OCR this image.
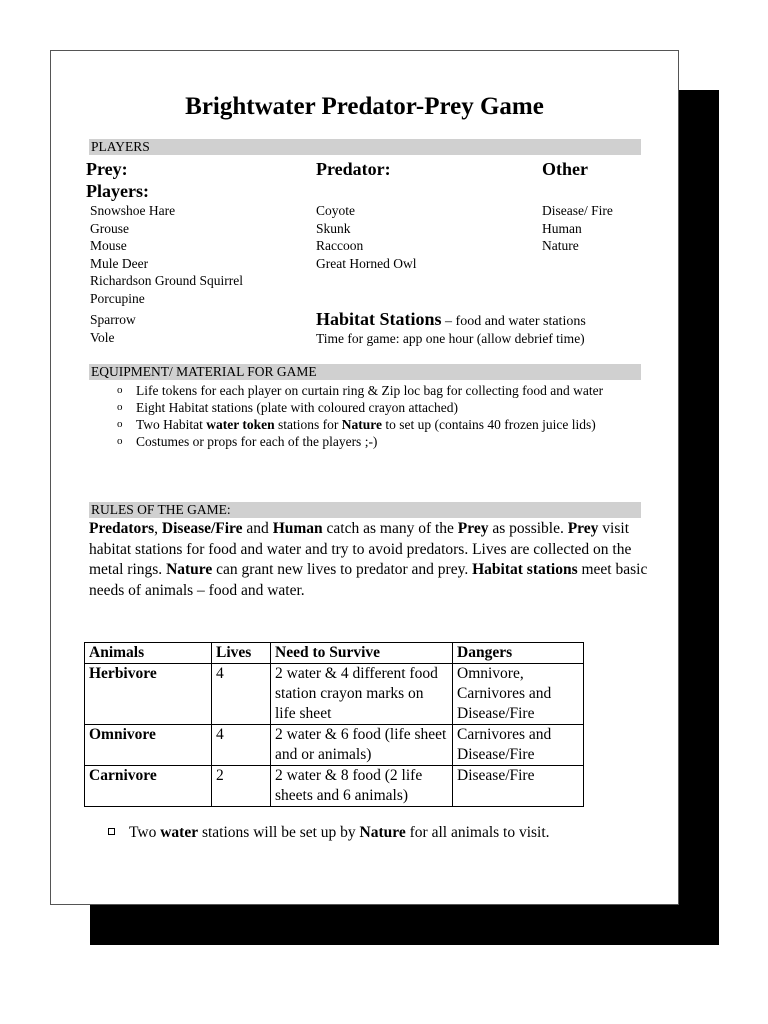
Brightwater Predator-Prey Game
PLAYERS
Prey:
Players:
Snowshoe Hare
Grouse
Mouse
Mule Deer
Richardson Ground Squirrel
Porcupine
Sparrow
Vole
Predator:
Coyote
Skunk
Raccoon
Great Horned Owl
Other
Disease/ Fire
Human
Nature
Habitat Stations – food and water stations
Time for game: app one hour (allow debrief time)
EQUIPMENT/ MATERIAL FOR GAME
o Life tokens for each player on curtain ring & Zip loc bag for collecting food and water
o Eight Habitat stations (plate with coloured crayon attached)
o Two Habitat water token stations for Nature to set up (contains 40 frozen juice lids)
o Costumes or props for each of the players ;-)
RULES OF THE GAME:
Predators, Disease/Fire and Human catch as many of the Prey as possible. Prey visit habitat stations for food and water and try to avoid predators. Lives are collected on the metal rings. Nature can grant new lives to predator and prey. Habitat stations meet basic needs of animals – food and water.
Animals	Lives	Need to Survive	Dangers
Herbivore	4	2 water & 4 different food station crayon marks on life sheet	Omnivore, Carnivores and Disease/Fire
Omnivore	4	2 water & 6 food (life sheet and or animals)	Carnivores and Disease/Fire
Carnivore	2	2 water & 8 food (2 life sheets and 6 animals)	Disease/Fire
Two water stations will be set up by Nature for all animals to visit.
